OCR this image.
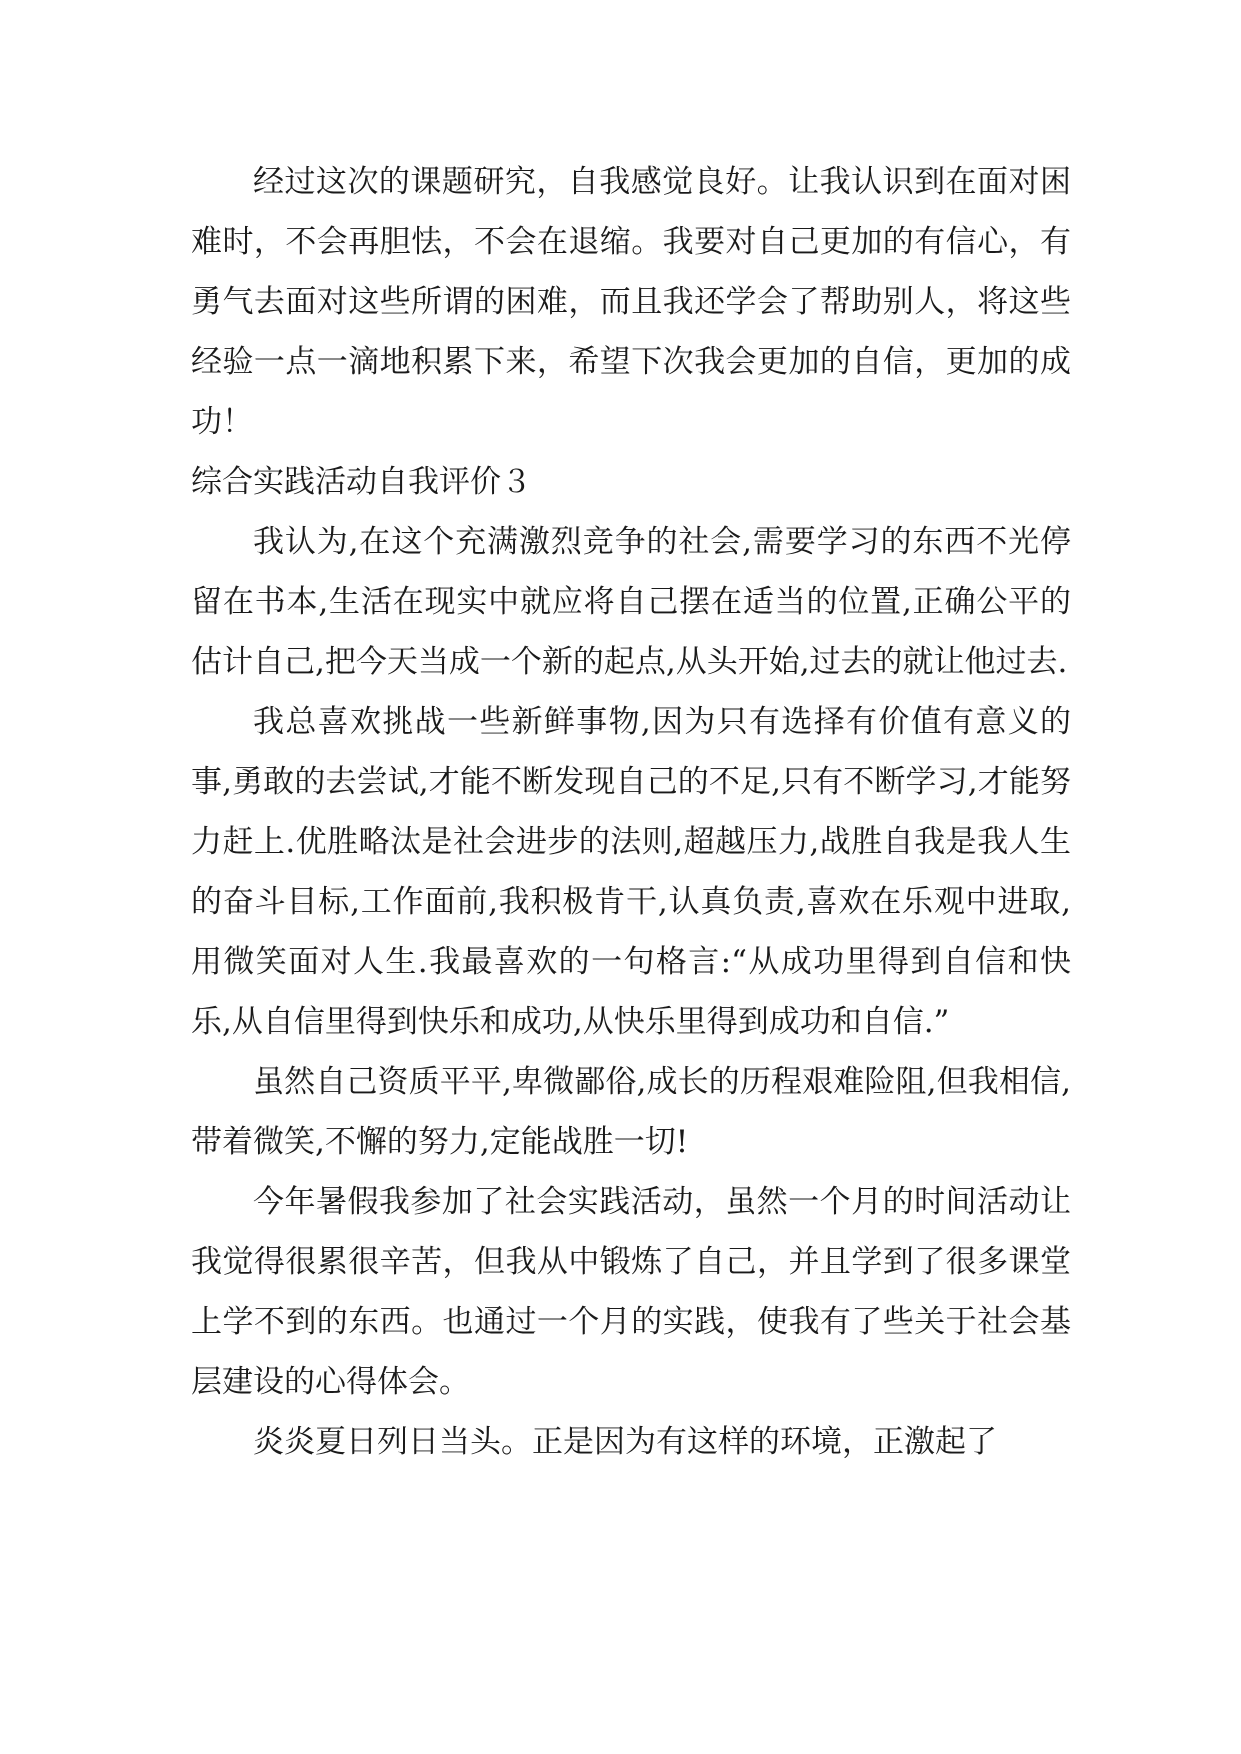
经过这次的课题研究，自我感觉良好。让我认识到在面对困难时，不会再胆怯，不会在退缩。我要对自己更加的有信心，有勇气去面对这些所谓的困难，而且我还学会了帮助别人，将这些经验一点一滴地积累下来，希望下次我会更加的自信，更加的成功！

综合实践活动自我评价３

我认为,在这个充满激烈竞争的社会,需要学习的东西不光停留在书本,生活在现实中就应将自己摆在适当的位置,正确公平的估计自己,把今天当成一个新的起点,从头开始,过去的就让他过去.

我总喜欢挑战一些新鲜事物,因为只有选择有价值有意义的事,勇敢的去尝试,才能不断发现自己的不足,只有不断学习,才能努力赶上.优胜略汰是社会进步的法则,超越压力,战胜自我是我人生的奋斗目标,工作面前,我积极肯干,认真负责,喜欢在乐观中进取,用微笑面对人生.我最喜欢的一句格言:“从成功里得到自信和快乐,从自信里得到快乐和成功,从快乐里得到成功和自信.”

虽然自己资质平平,卑微鄙俗,成长的历程艰难险阻,但我相信,带着微笑,不懈的努力,定能战胜一切!

今年暑假我参加了社会实践活动，虽然一个月的时间活动让我觉得很累很辛苦，但我从中锻炼了自己，并且学到了很多课堂上学不到的东西。也通过一个月的实践，使我有了些关于社会基层建设的心得体会。

炎炎夏日列日当头。正是因为有这样的环境，正激起了
